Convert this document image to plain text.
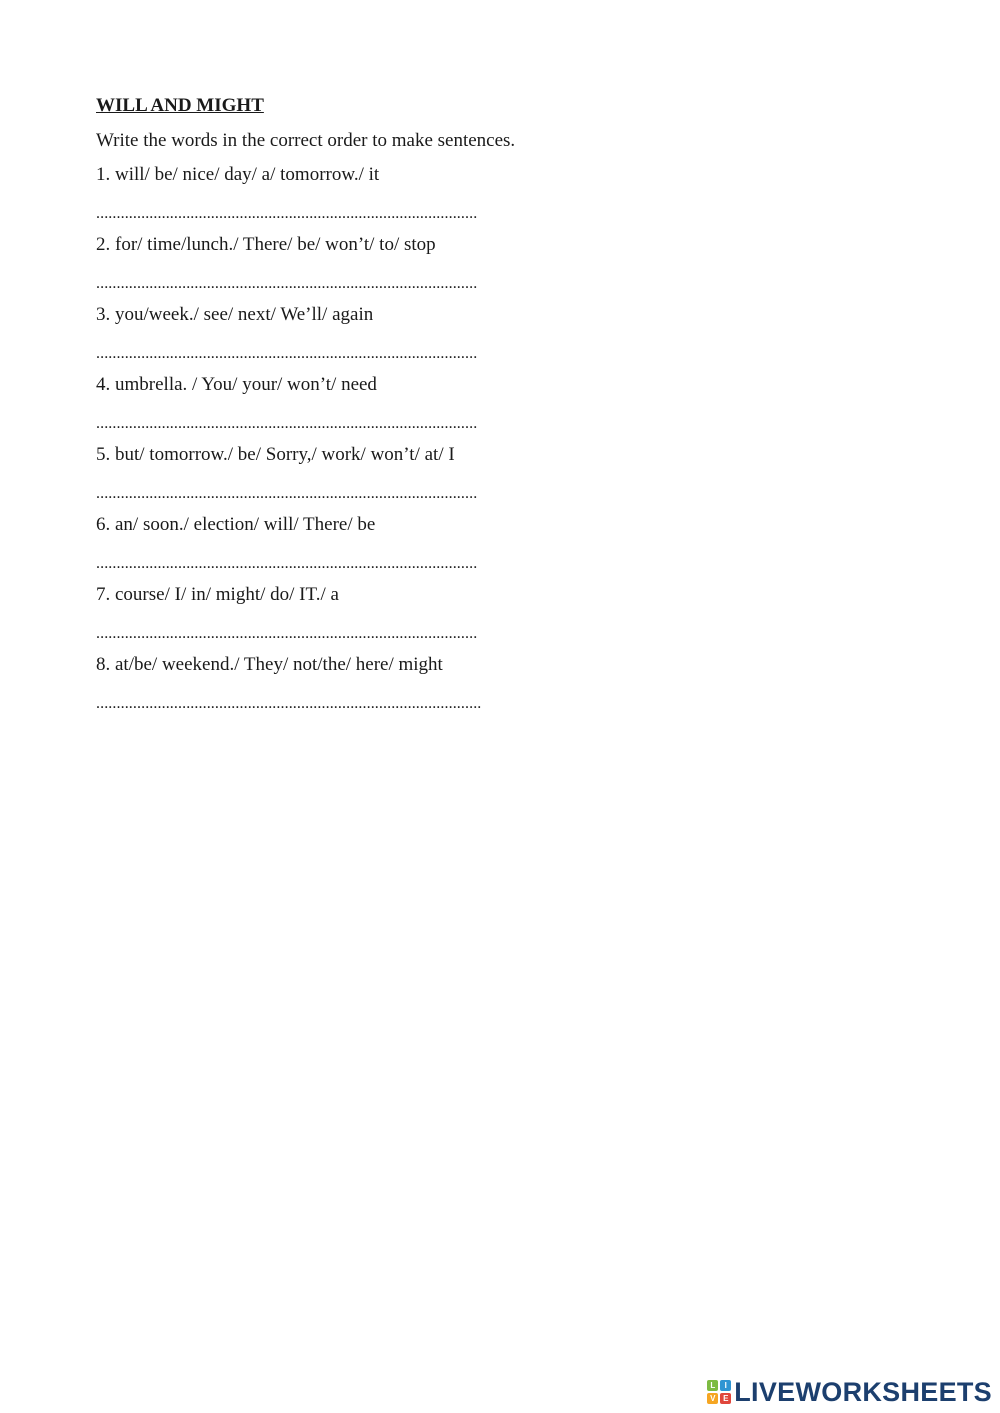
WILL AND MIGHT
Write the words in the correct order to make sentences.
1. will/ be/ nice/ day/ a/ tomorrow./ it
.............................................................................................
2. for/ time/lunch./ There/ be/ won’t/ to/ stop
.............................................................................................
3. you/week./ see/ next/ We’ll/ again
.............................................................................................
4. umbrella. / You/ your/ won’t/ need
.............................................................................................
5. but/ tomorrow./ be/ Sorry,/ work/ won’t/ at/ I
.............................................................................................
6. an/ soon./ election/ will/ There/ be
.............................................................................................
7. course/ I/ in/ might/ do/ IT./ a
.............................................................................................
8. at/be/ weekend./ They/ not/the/ here/ might
..............................................................................................
L	I
V E LIVEWORKSHEETS
